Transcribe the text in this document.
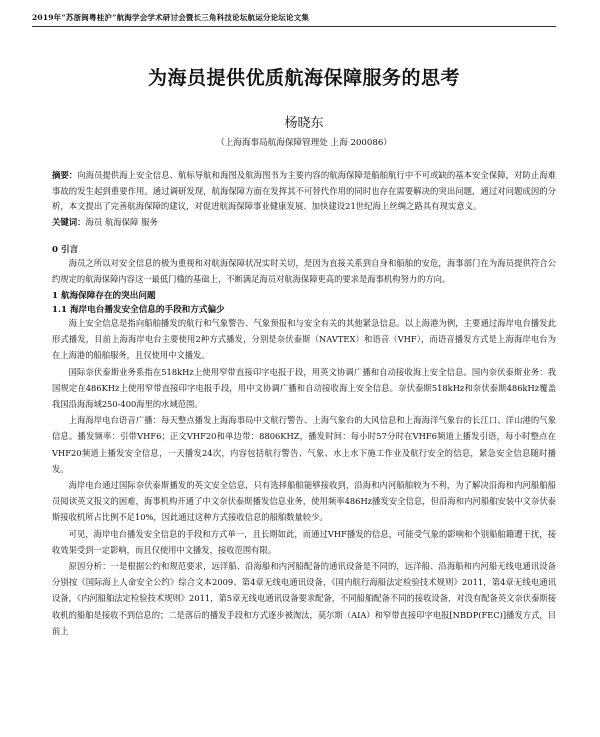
2019年“苏浙闽粤桂沪”航海学会学术研讨会暨长三角科技论坛航运分论坛论文集
为海员提供优质航海保障服务的思考
杨晓东
（上海海事局航海保障管理处 上海 200086）
摘要：向海员提供海上安全信息、航标导航和海图及航海图书为主要内容的航海保障是船舶航行中不可或缺的基本安全保障，对防止海难事故的发生起到重要作用。通过调研发现，航海保障方面在发挥其不可替代作用的同时也存在需要解决的突出问题，通过对问题成因的分析，本文提出了完善航海保障的建议，对促进航海保障事业健康发展、加快建设21世纪海上丝绸之路具有现实意义。
关键词：海员 航海保障 服务
0 引言

海员之所以对安全信息的极为重视和对航海保障状况实时关切，是因为直接关系到自身和船舶的安危，海事部门在为海员提供符合公约规定的航海保障内容这一最低门槛的基础上，不断满足海员对航海保障更高的要求是海事机构努力的方向。

1 航海保障存在的突出问题
1.1 海岸电台播发安全信息的手段和方式偏少

海上安全信息是指向船舶播发的航行和气象警告、气象预报和与安全有关的其他紧急信息。以上海港为例，主要通过海岸电台播发此形式播发，目前上海海岸电台主要使用2种方式播发，分别是奈伏泰斯（NAVTEX）和语音（VHF），而语音播发方式是上海海岸电台为在上海港的船舶服务，且仅使用中文播发。

国际奈伏泰斯业务系指在518kHz上使用窄带直接印字电报于段，用英文协调广播和自动接收海上安全信息。国内奈伏泰斯业务：我国规定在486KHz上使用窄带直接印字电报手段，用中文协调广播和自动接收海上安全信息。奈伏泰斯518kHz和奈伏泰斯486kHz覆盖我国沿海海域250-400海里的水域范围。

上海海岸电台语音广播：每天整点播发上海海事局中文航行警告、上海气象台的大风信息和上海海洋气象台的长江口、洋山港的气象信息。播发频率：引带VHF6；正文VHF20和单边带：8806KHZ，播发时间：每小时57分时在VHF6频道上播发引语，每小时整点在VHF20频道上播发安全信息，一天播发24次，内容包括航行警告、气象、水上水下施工作业及航行安全的信息，紧急安全信息随时播发。

海岸电台通过国际奈伏泰斯播发的英文安全信息，只有选择船舶能够接收到，沿海和内河船舶较为不利，为了解决沿海和内河船舶船员阅读英文报文的困难，海事机构开通了中文奈伏泰斯播发信息业务，使用频率486Hz播发安全信息，但沿海和内河船舶安装中文奈伏泰斯接收机所占比例不足10%，因此通过这种方式接收信息的船舶数量较少。

可见，海岸电台播发安全信息的手段和方式单一，且长期如此，而通过VHF播发的信息，可能受气象的影响和个别船舶籍遭干扰，接收效果受到一定影响，而且仅使用中文播发，接收范围有限。

原因分析：一是根据公约和规范要求，远洋船、沿海船和内河船配备的通讯设备是不同的，远洋船、沿海船和内河船无线电通讯设备分别按《国际海上人命安全公约》综合文本2009、第4章无线电通讯设备，《国内航行海船法定检验技术规则》2011，第4章无线电通讯设备，《内河船舶法定检验技术规则》2011，第5章无线电通讯设备要求配备，不同船舶配备不同的接收设备，对没有配备英文奈伏泰斯接收机的船舶是接收不到信息的；二是落后的播发手段和方式逐步被淘汰，莫尔斯（AIA）和窄带直接印字电报[NBDP(FEC)]播发方式，目前上
